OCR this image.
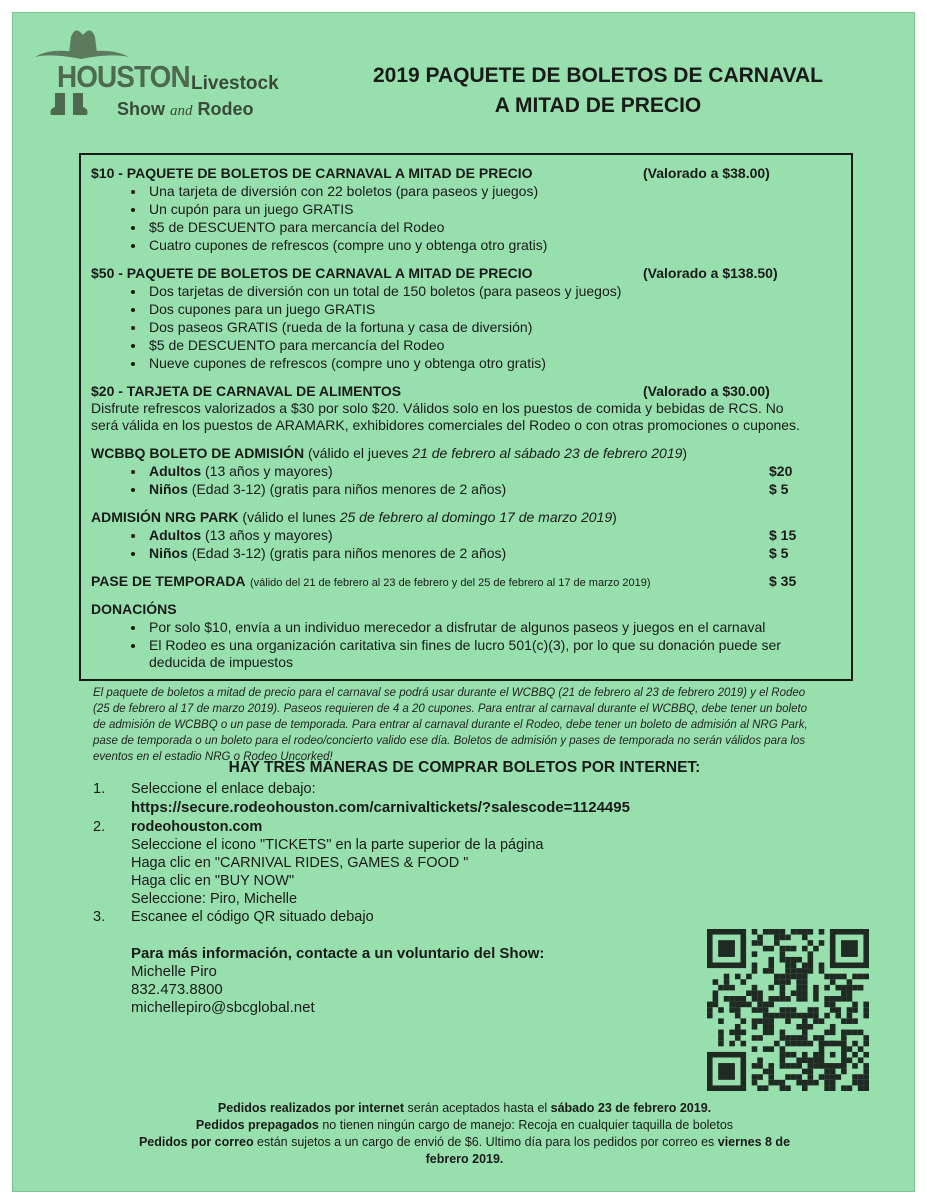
HOUSTON Livestock
Show and Rodeo
2019 PAQUETE DE BOLETOS DE CARNAVAL
A MITAD DE PRECIO
$10 - PAQUETE DE BOLETOS DE CARNAVAL A MITAD DE PRECIO	(Valorado a $38.00)
Una tarjeta de diversión con 22 boletos (para paseos y juegos)
Un cupón para un juego GRATIS
$5 de DESCUENTO para mercancía del Rodeo
Cuatro cupones de refrescos (compre uno y obtenga otro gratis)
$50 - PAQUETE DE BOLETOS DE CARNAVAL A MITAD DE PRECIO	(Valorado a $138.50)
Dos tarjetas de diversión con un total de 150 boletos (para paseos y juegos)
Dos cupones para un juego GRATIS
Dos paseos GRATIS (rueda de la fortuna y casa de diversión)
$5 de DESCUENTO para mercancía del Rodeo
Nueve cupones de refrescos (compre uno y obtenga otro gratis)
$20 - TARJETA DE CARNAVAL DE ALIMENTOS	(Valorado a $30.00)
Disfrute refrescos valorizados a $30 por solo $20. Válidos solo en los puestos de comida y bebidas de RCS. No
será válida en los puestos de ARAMARK, exhibidores comerciales del Rodeo o con otras promociones o cupones.
WCBBQ BOLETO DE ADMISIÓN (válido el jueves 21 de febrero al sábado 23 de febrero 2019)
Adultos (13 años y mayores)	$20
Niños (Edad 3-12) (gratis para niños menores de 2 años)	$ 5
ADMISIÓN NRG PARK (válido el lunes 25 de febrero al domingo 17 de marzo 2019)
Adultos (13 años y mayores)	$ 15
Niños (Edad 3-12) (gratis para niños menores de 2 años)	$ 5
PASE DE TEMPORADA (válido del 21 de febrero al 23 de febrero y del 25 de febrero al 17 de marzo 2019)	$ 35
DONACIÓNS
Por solo $10, envía a un individuo merecedor a disfrutar de algunos paseos y juegos en el carnaval
El Rodeo es una organización caritativa sin fines de lucro 501(c)(3), por lo que su donación puede ser
deducida de impuestos
El paquete de boletos a mitad de precio para el carnaval se podrá usar durante el WCBBQ (21 de febrero al 23 de febrero 2019) y el Rodeo
(25 de febrero al 17 de marzo 2019). Paseos requieren de 4 a 20 cupones. Para entrar al carnaval durante el WCBBQ, debe tener un boleto
de admisión de WCBBQ o un pase de temporada. Para entrar al carnaval durante el Rodeo, debe tener un boleto de admisión al NRG Park,
pase de temporada o un boleto para el rodeo/concierto valido ese día. Boletos de admisión y pases de temporada no serán válidos para los
eventos en el estadio NRG o Rodeo Uncorked!
HAY TRES MANERAS DE COMPRAR BOLETOS POR INTERNET:
1. Seleccione el enlace debajo:
https://secure.rodeohouston.com/carnivaltickets/?salescode=1124495
2. rodeohouston.com
Seleccione el icono "TICKETS" en la parte superior de la página
Haga clic en "CARNIVAL RIDES, GAMES & FOOD "
Haga clic en "BUY NOW"
Seleccione: Piro, Michelle
3. Escanee el código QR situado debajo
Para más información, contacte a un voluntario del Show:
Michelle Piro
832.473.8800
michellepiro@sbcglobal.net
Pedidos realizados por internet serán aceptados hasta el sábado 23 de febrero 2019.
Pedidos prepagados no tienen ningún cargo de manejo: Recoja en cualquier taquilla de boletos
Pedidos por correo están sujetos a un cargo de envió de $6. Ultimo día para los pedidos por correo es viernes 8 de
febrero 2019.
